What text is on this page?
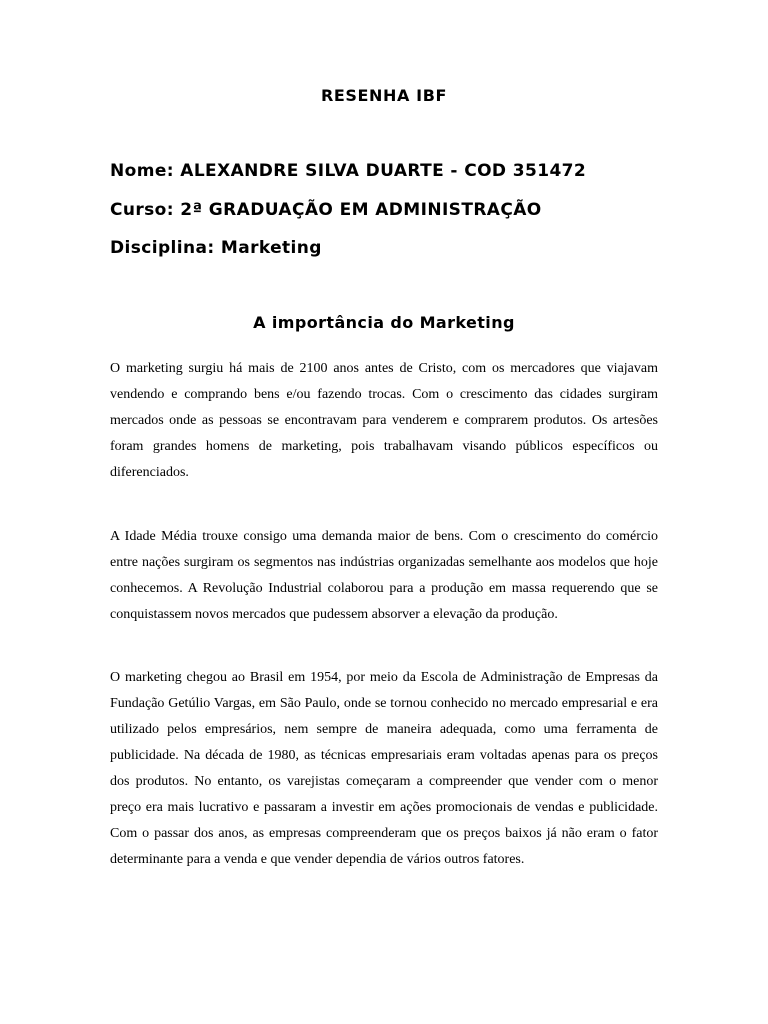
RESENHA IBF
Nome: ALEXANDRE SILVA DUARTE - COD 351472
Curso: 2ª GRADUAÇÃO EM ADMINISTRAÇÃO
Disciplina: Marketing
A importância do Marketing

O marketing surgiu há mais de 2100 anos antes de Cristo, com os mercadores que viajavam vendendo e comprando bens e/ou fazendo trocas. Com o crescimento das cidades surgiram mercados onde as pessoas se encontravam para venderem e comprarem produtos. Os artesões foram grandes homens de marketing, pois trabalhavam visando públicos específicos ou diferenciados.

A Idade Média trouxe consigo uma demanda maior de bens. Com o crescimento do comércio entre nações surgiram os segmentos nas indústrias organizadas semelhante aos modelos que hoje conhecemos. A Revolução Industrial colaborou para a produção em massa requerendo que se conquistassem novos mercados que pudessem absorver a elevação da produção.

O marketing chegou ao Brasil em 1954, por meio da Escola de Administração de Empresas da Fundação Getúlio Vargas, em São Paulo, onde se tornou conhecido no mercado empresarial e era utilizado pelos empresários, nem sempre de maneira adequada, como uma ferramenta de publicidade. Na década de 1980, as técnicas empresariais eram voltadas apenas para os preços dos produtos. No entanto, os varejistas começaram a compreender que vender com o menor preço era mais lucrativo e passaram a investir em ações promocionais de vendas e publicidade. Com o passar dos anos, as empresas compreenderam que os preços baixos já não eram o fator determinante para a venda e que vender dependia de vários outros fatores.
